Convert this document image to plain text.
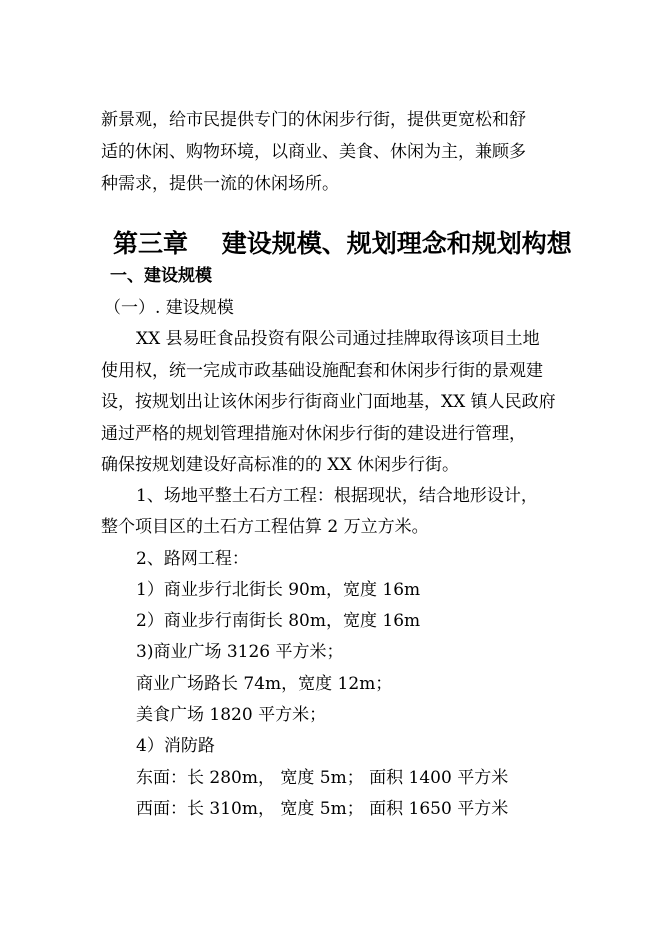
新景观，给市民提供专门的休闲步行街，提供更宽松和舒
适的休闲、购物环境，以商业、美食、休闲为主，兼顾多
种需求，提供一流的休闲场所。
第三章　 建设规模、规划理念和规划构想
一、建设规模
（一）. 建设规模
XX 县易旺食品投资有限公司通过挂牌取得该项目土地
使用权，统一完成市政基础设施配套和休闲步行街的景观建
设，按规划出让该休闲步行街商业门面地基，XX 镇人民政府
通过严格的规划管理措施对休闲步行街的建设进行管理，
确保按规划建设好高标准的的 XX 休闲步行街。
1、场地平整土石方工程：根据现状，结合地形设计，
整个项目区的土石方工程估算 2 万立方米。
2、路网工程：
1）商业步行北街长 90m，宽度 16m
2）商业步行南街长 80m，宽度 16m
3)商业广场 3126 平方米；
商业广场路长 74m，宽度 12m；
美食广场 1820 平方米；
4）消防路
东面：长 280m， 宽度 5m； 面积 1400 平方米
西面：长 310m， 宽度 5m； 面积 1650 平方米
